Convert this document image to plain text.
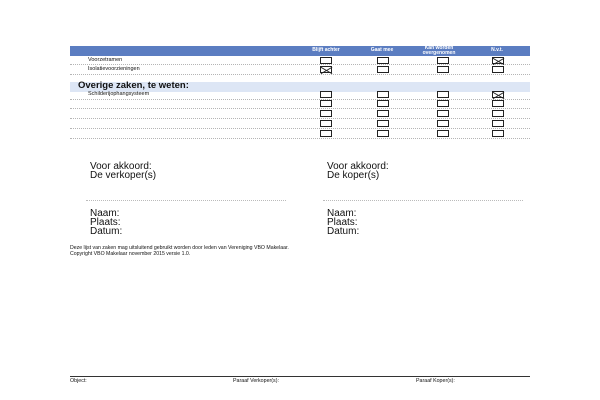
Blijft achter	Gaat mee	Kan worden
overgenomen	N.v.t.
Voorzetramen
Isolatievoorzieningen
Overige zaken, te weten:
Schilderijophangsysteem
Voor akkoord:
De verkoper(s)
Voor akkoord:
De koper(s)
Naam:
Plaats:
Datum:
Naam:
Plaats:
Datum:
Deze lijst van zaken mag uitsluitend gebruikt worden door leden van Vereniging VBO Makelaar.
Copyright VBO Makelaar november 2015 versie 1.0.
Object:	Paraaf Verkoper(s):	Paraaf Koper(s):
